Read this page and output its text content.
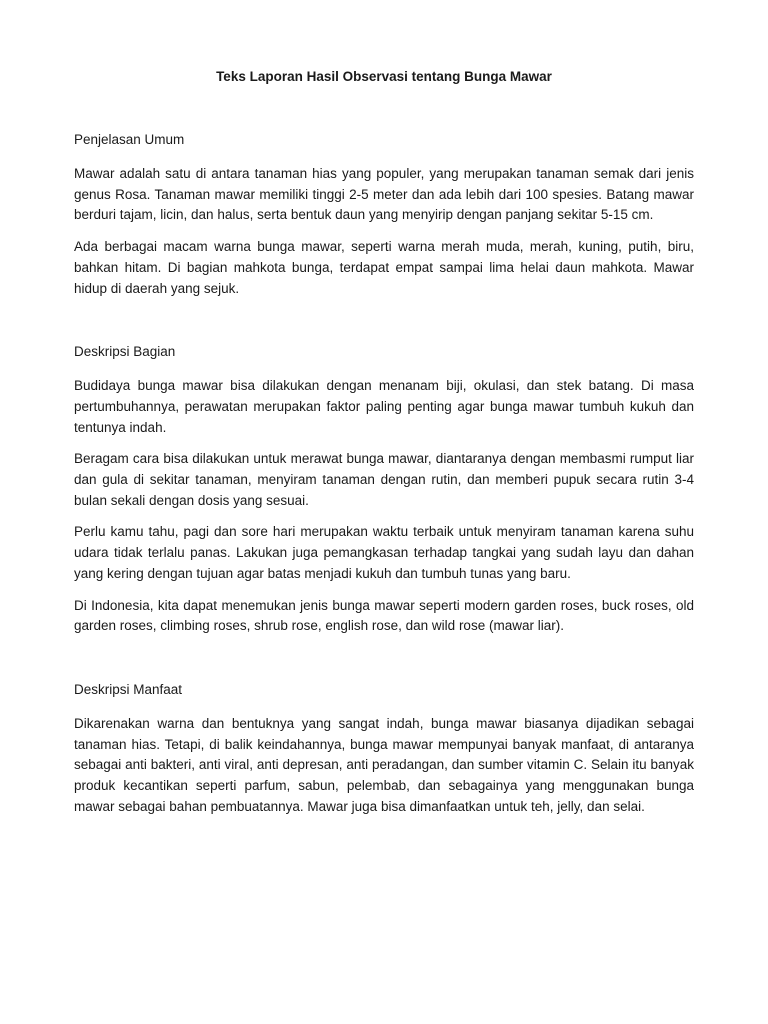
Teks Laporan Hasil Observasi tentang Bunga Mawar
Penjelasan Umum

Mawar adalah satu di antara tanaman hias yang populer, yang merupakan tanaman semak dari jenis genus Rosa. Tanaman mawar memiliki tinggi 2-5 meter dan ada lebih dari 100 spesies. Batang mawar berduri tajam, licin, dan halus, serta bentuk daun yang menyirip dengan panjang sekitar 5-15 cm.

Ada berbagai macam warna bunga mawar, seperti warna merah muda, merah, kuning, putih, biru, bahkan hitam. Di bagian mahkota bunga, terdapat empat sampai lima helai daun mahkota. Mawar hidup di daerah yang sejuk.

Deskripsi Bagian

Budidaya bunga mawar bisa dilakukan dengan menanam biji, okulasi, dan stek batang. Di masa pertumbuhannya, perawatan merupakan faktor paling penting agar bunga mawar tumbuh kukuh dan tentunya indah.

Beragam cara bisa dilakukan untuk merawat bunga mawar, diantaranya dengan membasmi rumput liar dan gula di sekitar tanaman, menyiram tanaman dengan rutin, dan memberi pupuk secara rutin 3-4 bulan sekali dengan dosis yang sesuai.

Perlu kamu tahu, pagi dan sore hari merupakan waktu terbaik untuk menyiram tanaman karena suhu udara tidak terlalu panas. Lakukan juga pemangkasan terhadap tangkai yang sudah layu dan dahan yang kering dengan tujuan agar batas menjadi kukuh dan tumbuh tunas yang baru.

Di Indonesia, kita dapat menemukan jenis bunga mawar seperti modern garden roses, buck roses, old garden roses, climbing roses, shrub rose, english rose, dan wild rose (mawar liar).

Deskripsi Manfaat

Dikarenakan warna dan bentuknya yang sangat indah, bunga mawar biasanya dijadikan sebagai tanaman hias. Tetapi, di balik keindahannya, bunga mawar mempunyai banyak manfaat, di antaranya sebagai anti bakteri, anti viral, anti depresan, anti peradangan, dan sumber vitamin C. Selain itu banyak produk kecantikan seperti parfum, sabun, pelembab, dan sebagainya yang menggunakan bunga mawar sebagai bahan pembuatannya. Mawar juga bisa dimanfaatkan untuk teh, jelly, dan selai.
